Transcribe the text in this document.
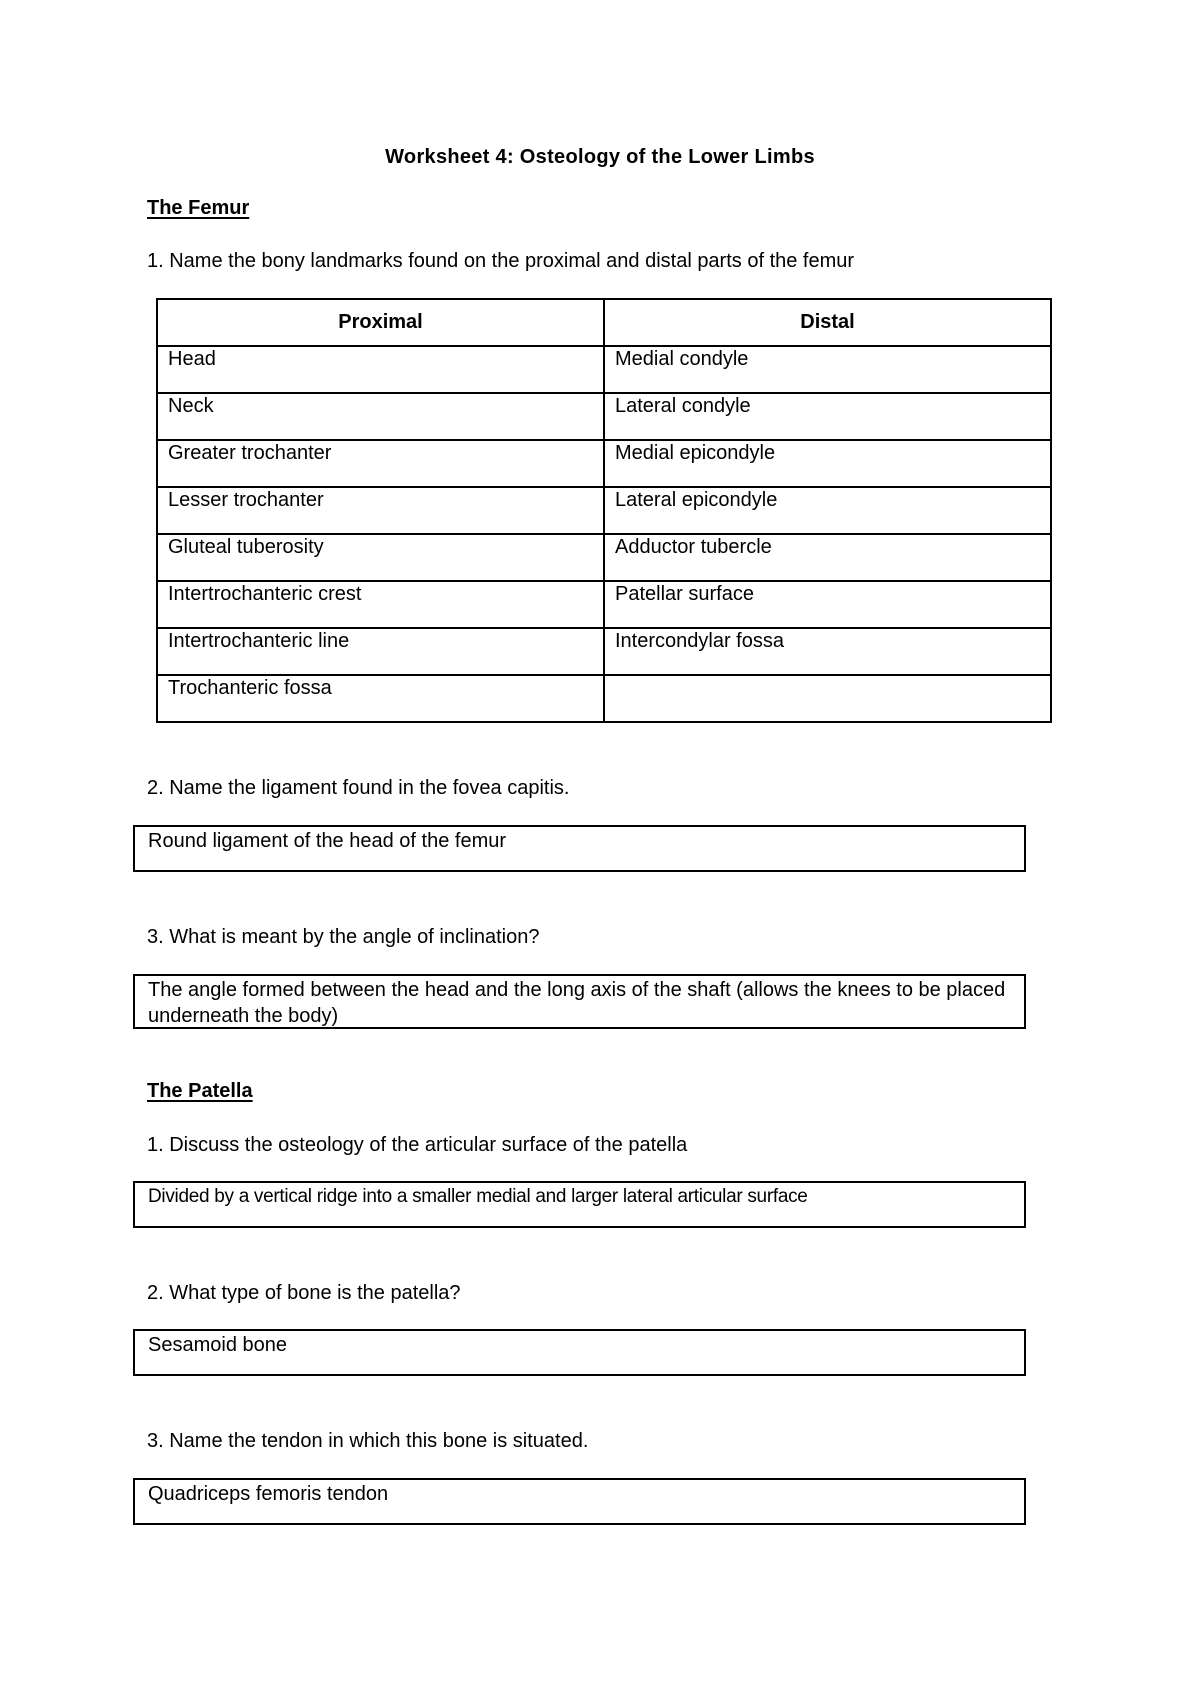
Worksheet 4: Osteology of the Lower Limbs
The Femur
1. Name the bony landmarks found on the proximal and distal parts of the femur
Proximal	Distal
Head	Medial condyle
Neck	Lateral condyle
Greater trochanter	Medial epicondyle
Lesser trochanter	Lateral epicondyle
Gluteal tuberosity	Adductor tubercle
Intertrochanteric crest	Patellar surface
Intertrochanteric line	Intercondylar fossa
Trochanteric fossa	
2. Name the ligament found in the fovea capitis.
Round ligament of the head of the femur
3. What is meant by the angle of inclination?
The angle formed between the head and the long axis of the shaft (allows the knees to be placed underneath the body)
The Patella
1. Discuss the osteology of the articular surface of the patella
Divided by a vertical ridge into a smaller medial and larger lateral articular surface
2. What type of bone is the patella?
Sesamoid bone
3. Name the tendon in which this bone is situated.
Quadriceps femoris tendon
